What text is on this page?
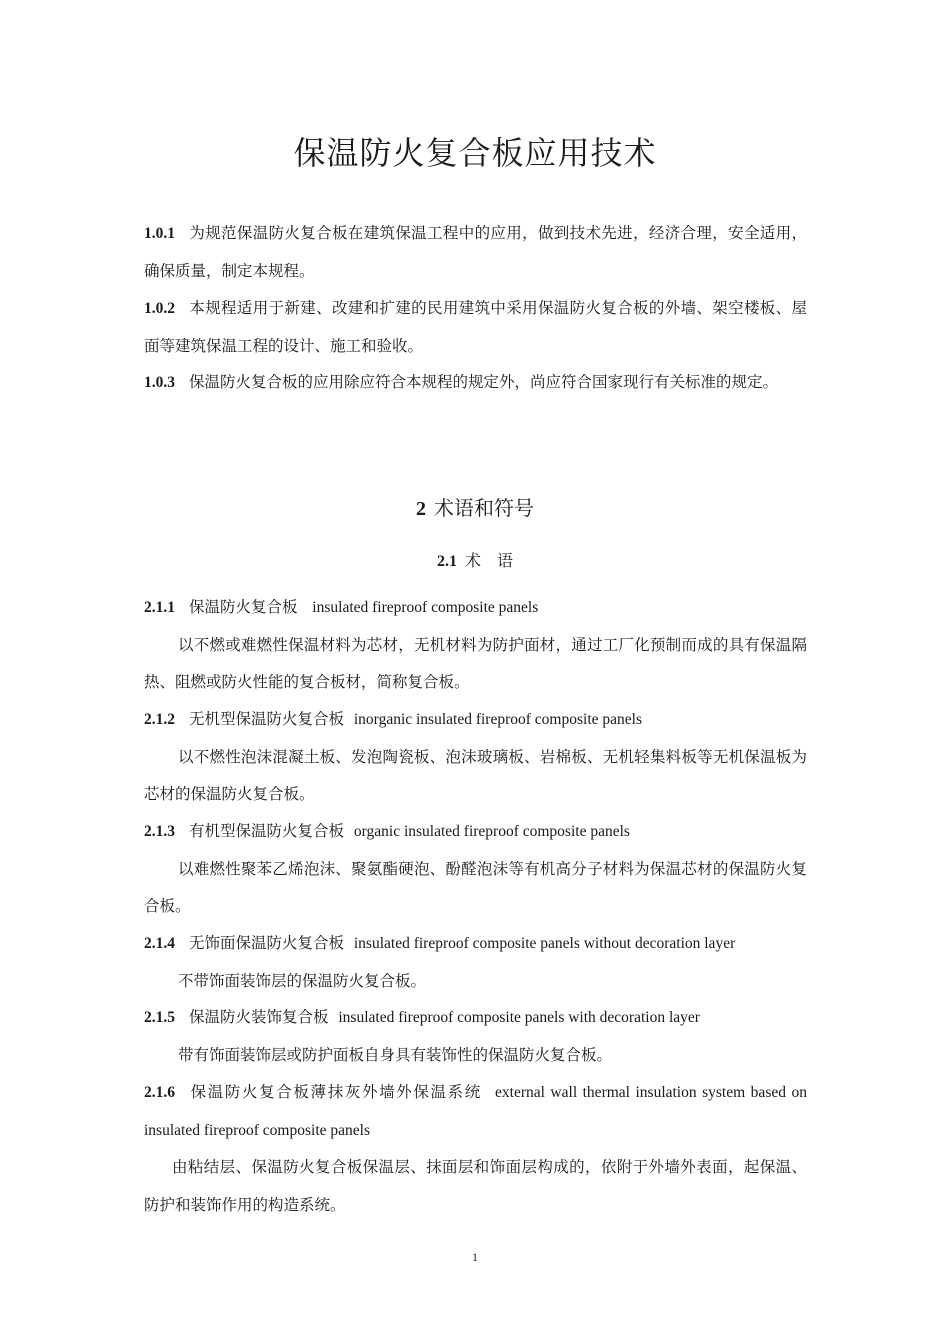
保温防火复合板应用技术
1.0.1 为规范保温防火复合板在建筑保温工程中的应用，做到技术先进，经济合理，安全适用，确保质量，制定本规程。
1.0.2 本规程适用于新建、改建和扩建的民用建筑中采用保温防火复合板的外墙、架空楼板、屋面等建筑保温工程的设计、施工和验收。
1.0.3 保温防火复合板的应用除应符合本规程的规定外，尚应符合国家现行有关标准的规定。
2 术语和符号
2.1 术　语

2.1.1 保温防火复合板 insulated fireproof composite panels

以不燃或难燃性保温材料为芯材，无机材料为防护面材，通过工厂化预制而成的具有保温隔热、阻燃或防火性能的复合板材，简称复合板。

2.1.2 无机型保温防火复合板 inorganic insulated fireproof composite panels

以不燃性泡沫混凝土板、发泡陶瓷板、泡沫玻璃板、岩棉板、无机轻集料板等无机保温板为芯材的保温防火复合板。

2.1.3 有机型保温防火复合板 organic insulated fireproof composite panels

以难燃性聚苯乙烯泡沫、聚氨酯硬泡、酚醛泡沫等有机高分子材料为保温芯材的保温防火复合板。

2.1.4 无饰面保温防火复合板 insulated fireproof composite panels without decoration layer

不带饰面装饰层的保温防火复合板。

2.1.5 保温防火装饰复合板 insulated fireproof composite panels with decoration layer

带有饰面装饰层或防护面板自身具有装饰性的保温防火复合板。

2.1.6 保温防火复合板薄抹灰外墙外保温系统 external wall thermal insulation system based on insulated fireproof composite panels

由粘结层、保温防火复合板保温层、抹面层和饰面层构成的，依附于外墙外表面，起保温、防护和装饰作用的构造系统。

1
